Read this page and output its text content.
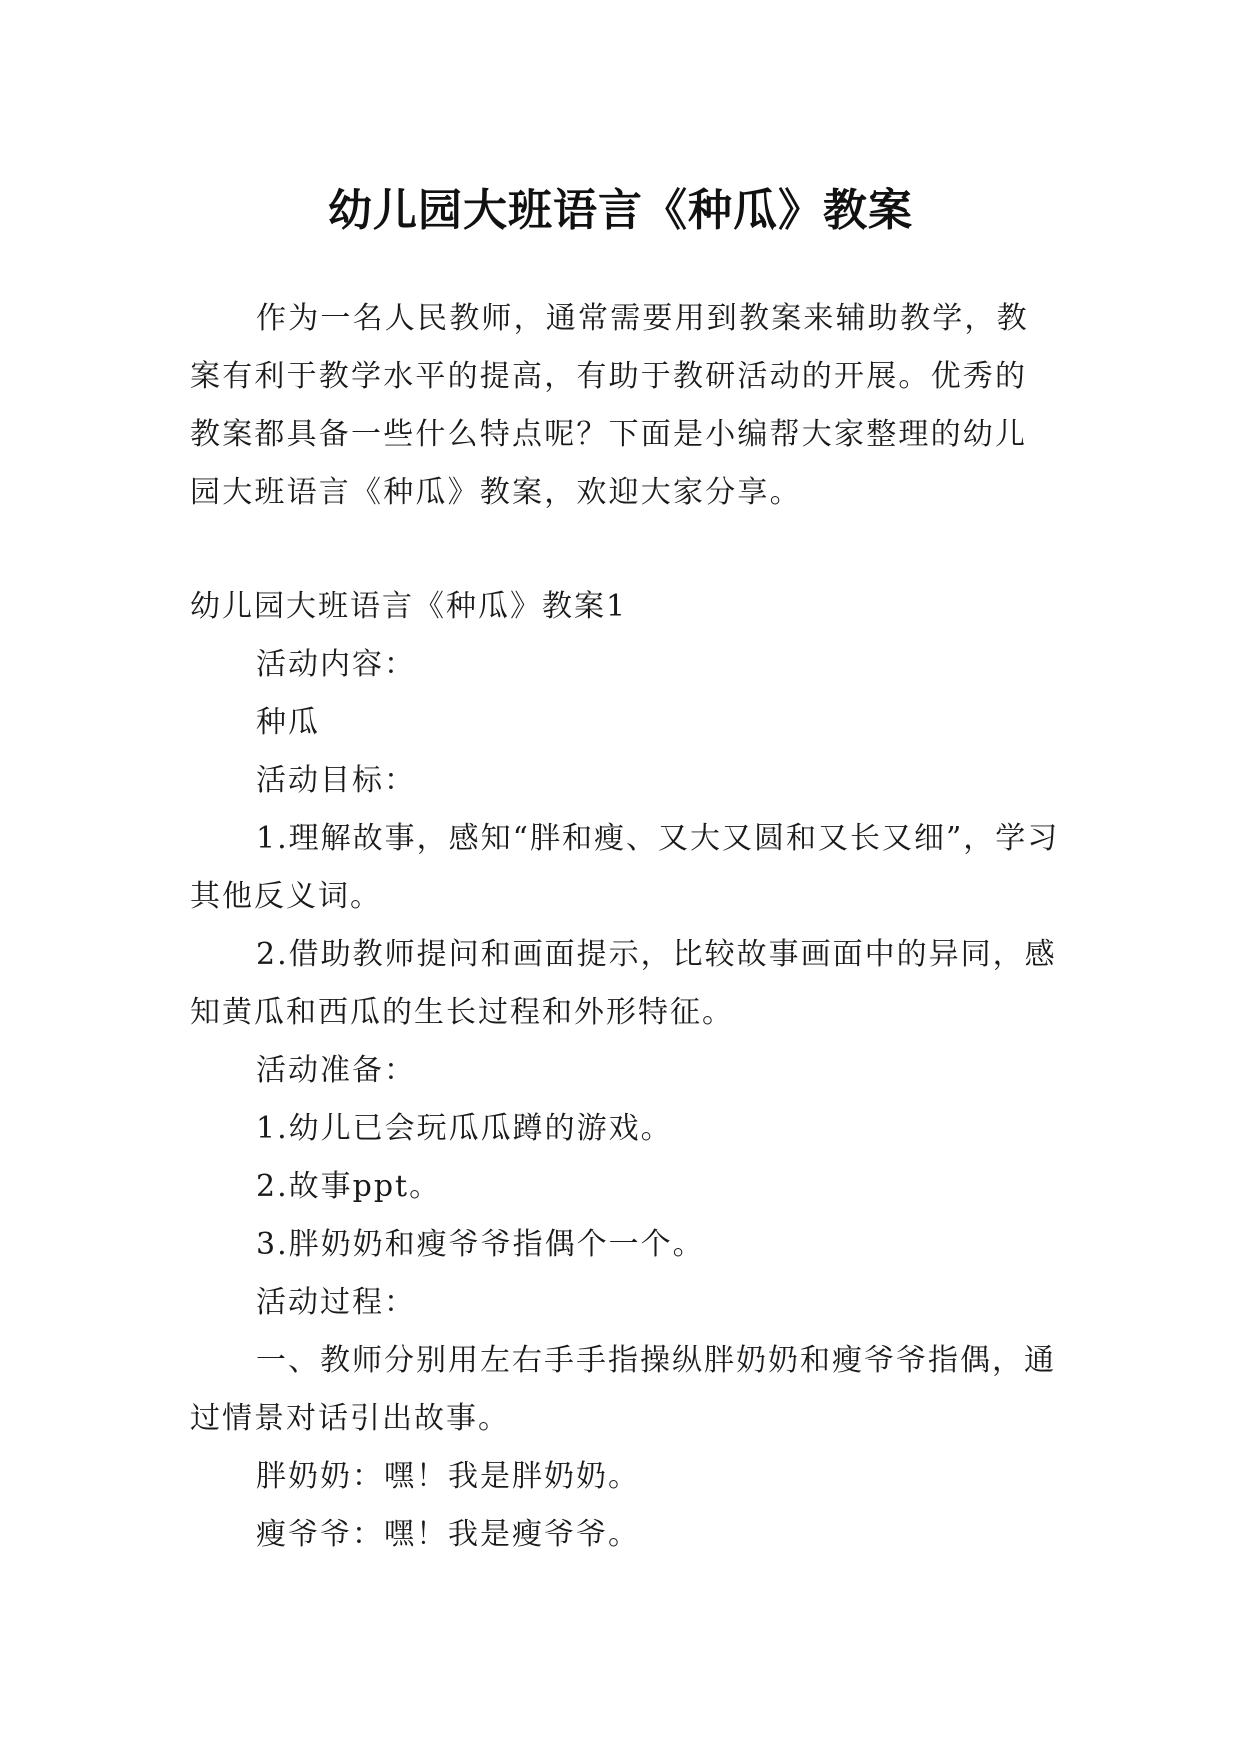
幼儿园大班语言《种瓜》教案

作为一名人民教师，通常需要用到教案来辅助教学，教案有利于教学水平的提高，有助于教研活动的开展。优秀的教案都具备一些什么特点呢？下面是小编帮大家整理的幼儿园大班语言《种瓜》教案，欢迎大家分享。

幼儿园大班语言《种瓜》教案1

活动内容：

种瓜

活动目标：

1.理解故事，感知“胖和瘦、又大又圆和又长又细”，学习其他反义词。

2.借助教师提问和画面提示，比较故事画面中的异同，感知黄瓜和西瓜的生长过程和外形特征。

活动准备：

1.幼儿已会玩瓜瓜蹲的游戏。

2.故事ppt。

3.胖奶奶和瘦爷爷指偶个一个。

活动过程：

一、教师分别用左右手手指操纵胖奶奶和瘦爷爷指偶，通过情景对话引出故事。

胖奶奶：嘿！我是胖奶奶。

瘦爷爷：嘿！我是瘦爷爷。
